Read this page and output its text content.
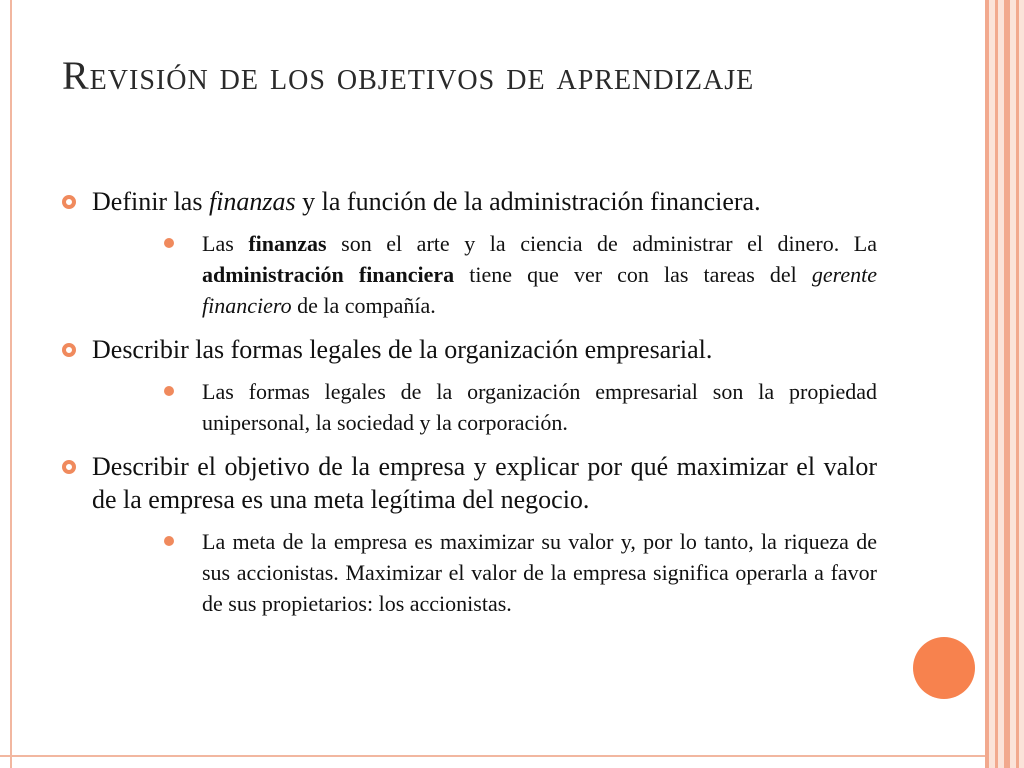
Revisión de los objetivos de aprendizaje
Definir las finanzas y la función de la administración financiera.
Las finanzas son el arte y la ciencia de administrar el dinero. La administración financiera tiene que ver con las tareas del gerente financiero de la compañía.
Describir las formas legales de la organización empresarial.
Las formas legales de la organización empresarial son la propiedad unipersonal, la sociedad y la corporación.
Describir el objetivo de la empresa y explicar por qué maximizar el valor de la empresa es una meta legítima del negocio.
La meta de la empresa es maximizar su valor y, por lo tanto, la riqueza de sus accionistas. Maximizar el valor de la empresa significa operarla a favor de sus propietarios: los accionistas.
